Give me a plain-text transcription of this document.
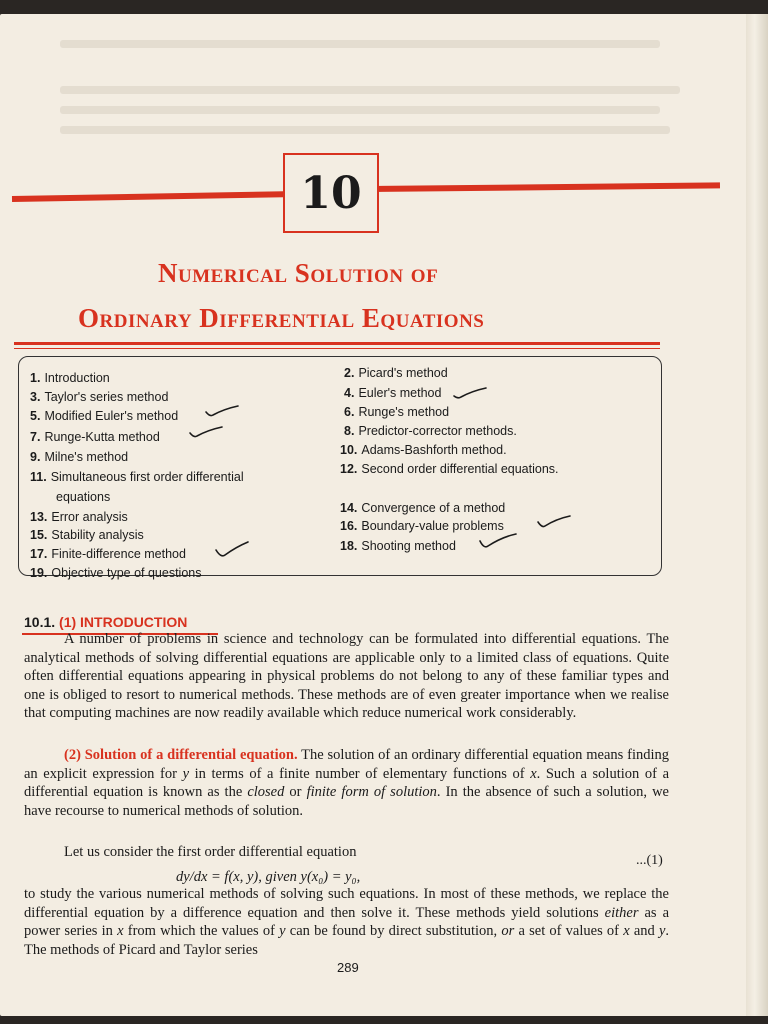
10
Numerical Solution of
Ordinary Differential Equations
1. Introduction
3. Taylor's series method
5. Modified Euler's method
7. Runge-Kutta method
9. Milne's method
11. Simultaneous first order differential
equations
13. Error analysis
15. Stability analysis
17. Finite-difference method
19. Objective type of questions
2. Picard's method
4. Euler's method
6. Runge's method
8. Predictor-corrector methods.
10. Adams-Bashforth method.
12. Second order differential equations.
14. Convergence of a method
16. Boundary-value problems
18. Shooting method
10.1. (1) INTRODUCTION

A number of problems in science and technology can be formulated into differential equations. The analytical methods of solving differential equations are applicable only to a limited class of equations. Quite often differential equations appearing in physical problems do not belong to any of these familiar types and one is obliged to resort to numerical methods. These methods are of even greater importance when we realise that computing machines are now readily available which reduce numerical work considerably.

(2) Solution of a differential equation. The solution of an ordinary differential equation means finding an explicit expression for y in terms of a finite number of elementary functions of x. Such a solution of a differential equation is known as the closed or finite form of solution. In the absence of such a solution, we have recourse to numerical methods of solution.

Let us consider the first order differential equation

dy/dx = f(x, y), given y(x₀) = y₀,
...(1)

to study the various numerical methods of solving such equations. In most of these methods, we replace the differential equation by a difference equation and then solve it. These methods yield solutions either as a power series in x from which the values of y can be found by direct substitution, or a set of values of x and y. The methods of Picard and Taylor series

289
